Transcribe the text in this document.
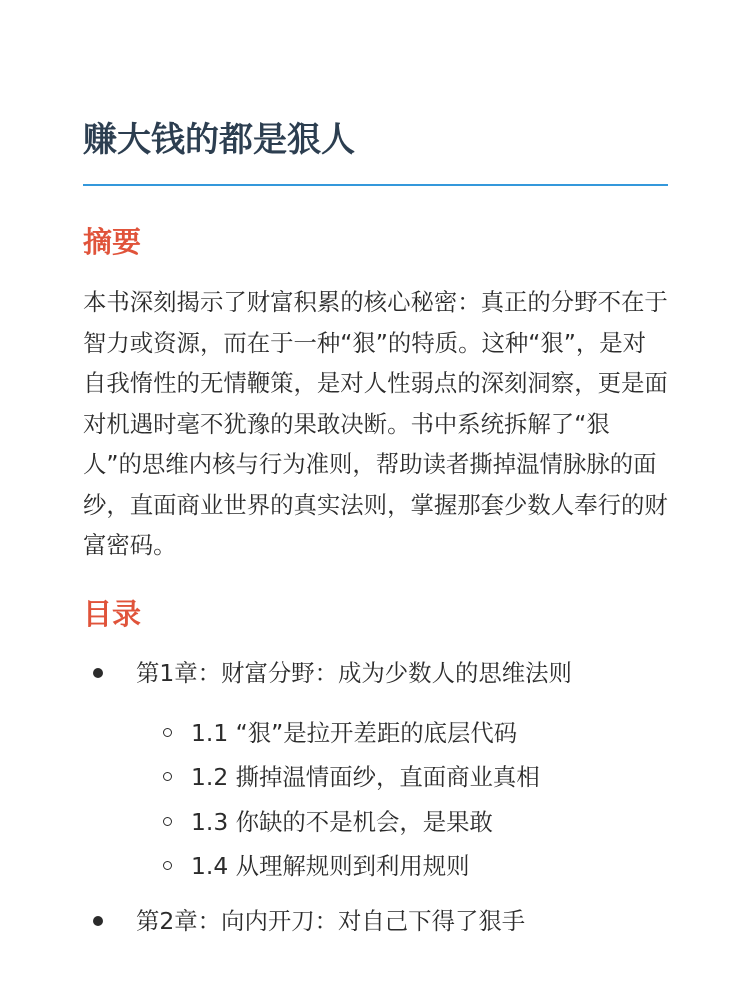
赚大钱的都是狠人
摘要

本书深刻揭示了财富积累的核心秘密：真正的分野不在于智力或资源，而在于一种“狠”的特质。这种“狠”，是对自我惰性的无情鞭策，是对人性弱点的深刻洞察，更是面对机遇时毫不犹豫的果敢决断。书中系统拆解了“狠人”的思维内核与行为准则，帮助读者撕掉温情脉脉的面纱，直面商业世界的真实法则，掌握那套少数人奉行的财富密码。

目录
第1章：财富分野：成为少数人的思维法则
1.1 “狠”是拉开差距的底层代码
1.2 撕掉温情面纱，直面商业真相
1.3 你缺的不是机会，是果敢
1.4 从理解规则到利用规则
第2章：向内开刀：对自己下得了狠手
